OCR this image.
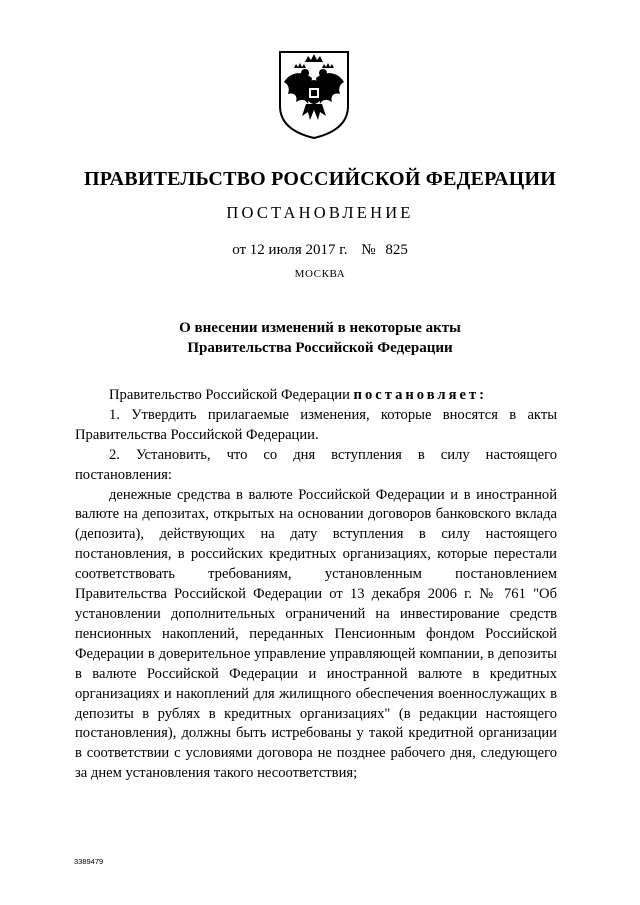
ПРАВИТЕЛЬСТВО РОССИЙСКОЙ ФЕДЕРАЦИИ
ПОСТАНОВЛЕНИЕ
от 12 июля 2017 г. № 825
МОСКВА
О внесении изменений в некоторые акты
Правительства Российской Федерации

Правительство Российской Федерации постановляет:

1. Утвердить прилагаемые изменения, которые вносятся в акты Правительства Российской Федерации.

2. Установить, что со дня вступления в силу настоящего постановления:

денежные средства в валюте Российской Федерации и в иностранной валюте на депозитах, открытых на основании договоров банковского вклада (депозита), действующих на дату вступления в силу настоящего постановления, в российских кредитных организациях, которые перестали соответствовать требованиям, установленным постановлением Правительства Российской Федерации от 13 декабря 2006 г. № 761 "Об установлении дополнительных ограничений на инвестирование средств пенсионных накоплений, переданных Пенсионным фондом Российской Федерации в доверительное управление управляющей компании, в депозиты в валюте Российской Федерации и иностранной валюте в кредитных организациях и накоплений для жилищного обеспечения военнослужащих в депозиты в рублях в кредитных организациях" (в редакции настоящего постановления), должны быть истребованы у такой кредитной организации в соответствии с условиями договора не позднее рабочего дня, следующего за днем установления такого несоответствия;

3389479
